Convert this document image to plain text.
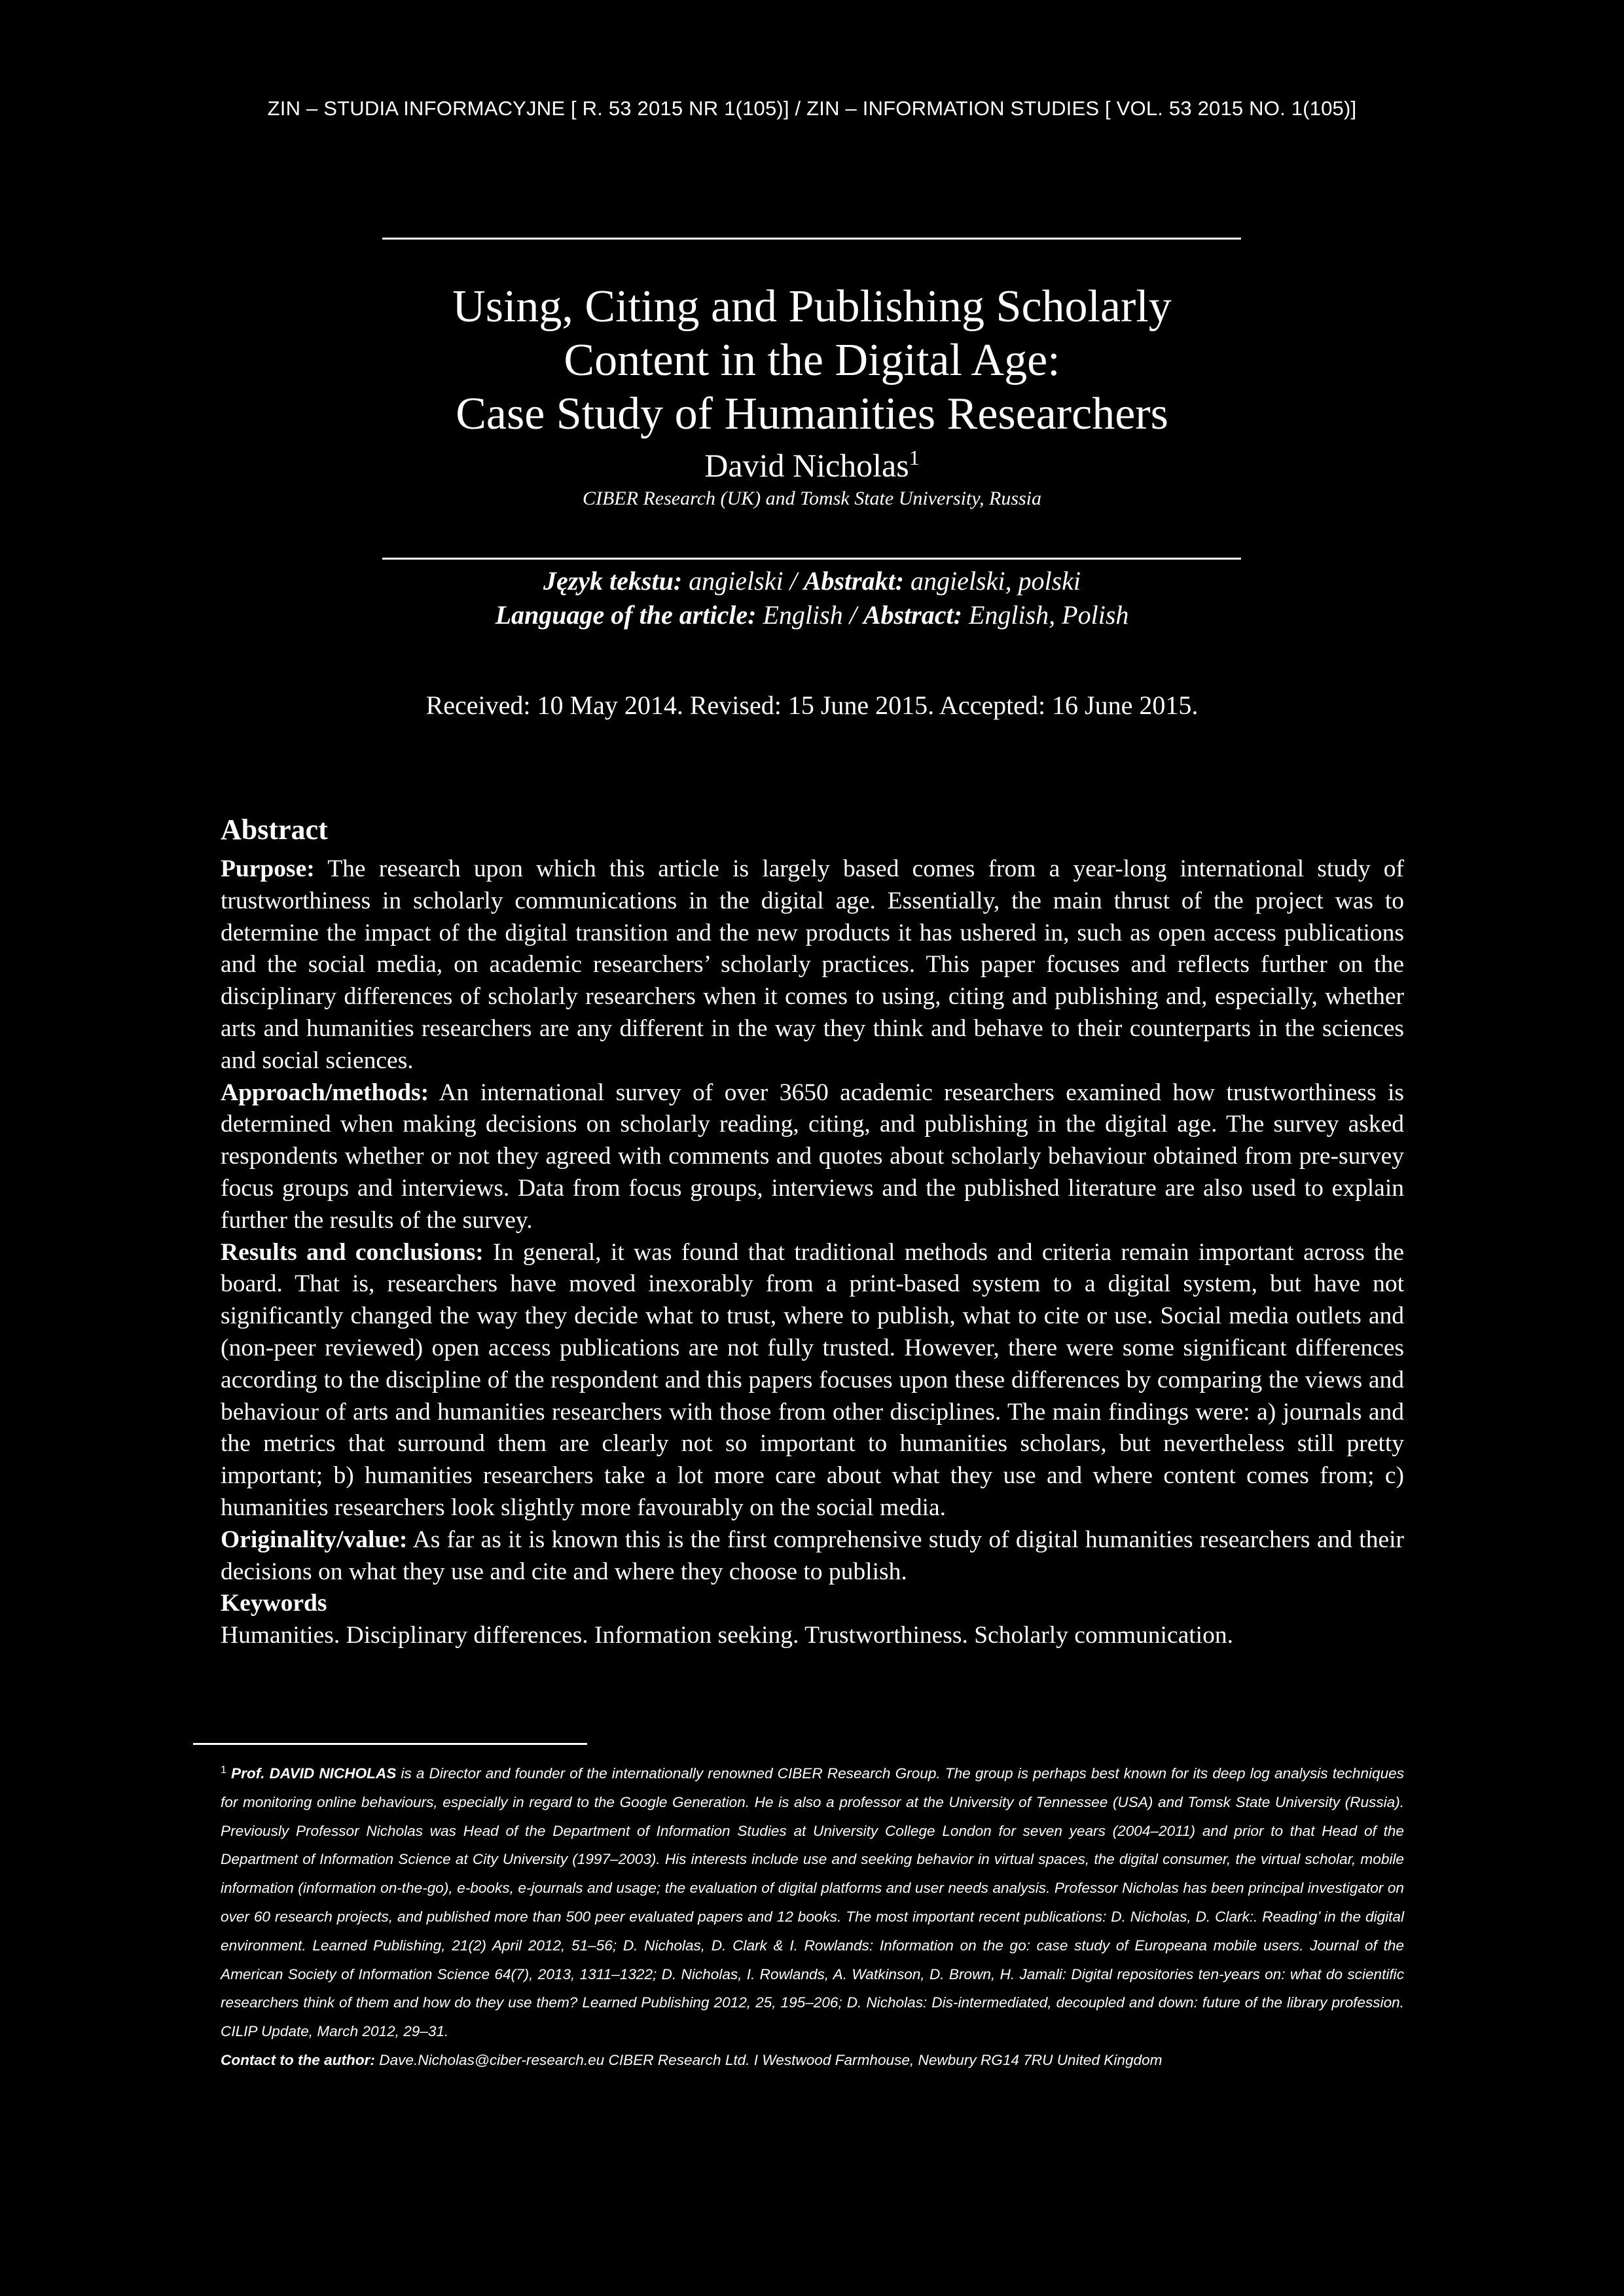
ZIN – STUDIA INFORMACYJNE [ R. 53 2015 NR 1(105)] / ZIN – INFORMATION STUDIES [ VOL. 53 2015 NO. 1(105)]
Using, Citing and Publishing Scholarly
Content in the Digital Age:
Case Study of Humanities Researchers
David Nicholas$^1$
CIBER Research (UK) and Tomsk State University, Russia
Język tekstu: angielski / Abstrakt: angielski, polski
Language of the article: English / Abstract: English, Polish
Received: 10 May 2014. Revised: 15 June 2015. Accepted: 16 June 2015.
Abstract

Purpose: The research upon which this article is largely based comes from a year-long international study of trustworthiness in scholarly communications in the digital age. Essentially, the main thrust of the project was to determine the impact of the digital transition and the new products it has ushered in, such as open access publications and the social media, on academic researchers’ scholarly practices. This paper focuses and reflects further on the disciplinary differences of scholarly researchers when it comes to using, citing and publishing and, especially, whether arts and humanities researchers are any different in the way they think and behave to their counterparts in the sciences and social sciences.

Approach/methods: An international survey of over 3650 academic researchers examined how trustworthiness is determined when making decisions on scholarly reading, citing, and publishing in the digital age. The survey asked respondents whether or not they agreed with comments and quotes about scholarly behaviour obtained from pre-survey focus groups and interviews. Data from focus groups, interviews and the published literature are also used to explain further the results of the survey.

Results and conclusions: In general, it was found that traditional methods and criteria remain important across the board. That is, researchers have moved inexorably from a print-based system to a digital system, but have not significantly changed the way they decide what to trust, where to publish, what to cite or use. Social media outlets and (non-peer reviewed) open access publications are not fully trusted. However, there were some significant differences according to the discipline of the respondent and this papers focuses upon these differences by comparing the views and behaviour of arts and humanities researchers with those from other disciplines. The main findings were: a) journals and the metrics that surround them are clearly not so important to humanities scholars, but nevertheless still pretty important; b) humanities researchers take a lot more care about what they use and where content comes from; c) humanities researchers look slightly more favourably on the social media.

Originality/value: As far as it is known this is the first comprehensive study of digital humanities researchers and their decisions on what they use and cite and where they choose to publish.

Keywords

Humanities. Disciplinary differences. Information seeking. Trustworthiness. Scholarly communication.

$^1$ Prof. DAVID NICHOLAS is a Director and founder of the internationally renowned CIBER Research Group. The group is perhaps best known for its deep log analysis techniques for monitoring online behaviours, especially in regard to the Google Generation. He is also a professor at the University of Tennessee (USA) and Tomsk State University (Russia). Previously Professor Nicholas was Head of the Department of Information Studies at University College London for seven years (2004–2011) and prior to that Head of the Department of Information Science at City University (1997–2003). His interests include use and seeking behavior in virtual spaces, the digital consumer, the virtual scholar, mobile information (information on-the-go), e-books, e-journals and usage; the evaluation of digital platforms and user needs analysis. Professor Nicholas has been principal investigator on over 60 research projects, and published more than 500 peer evaluated papers and 12 books. The most important recent publications: D. Nicholas, D. Clark:. Reading’ in the digital environment. Learned Publishing, 21(2) April 2012, 51–56; D. Nicholas, D. Clark & I. Rowlands: Information on the go: case study of Europeana mobile users. Journal of the American Society of Information Science 64(7), 2013, 1311–1322; D. Nicholas, I. Rowlands, A. Watkinson, D. Brown, H. Jamali: Digital repositories ten-years on: what do scientific researchers think of them and how do they use them? Learned Publishing 2012, 25, 195–206; D. Nicholas: Dis-intermediated, decoupled and down: future of the library profession. CILIP Update, March 2012, 29–31.

Contact to the author: Dave.Nicholas@ciber-research.eu CIBER Research Ltd. I Westwood Farmhouse, Newbury RG14 7RU United Kingdom
